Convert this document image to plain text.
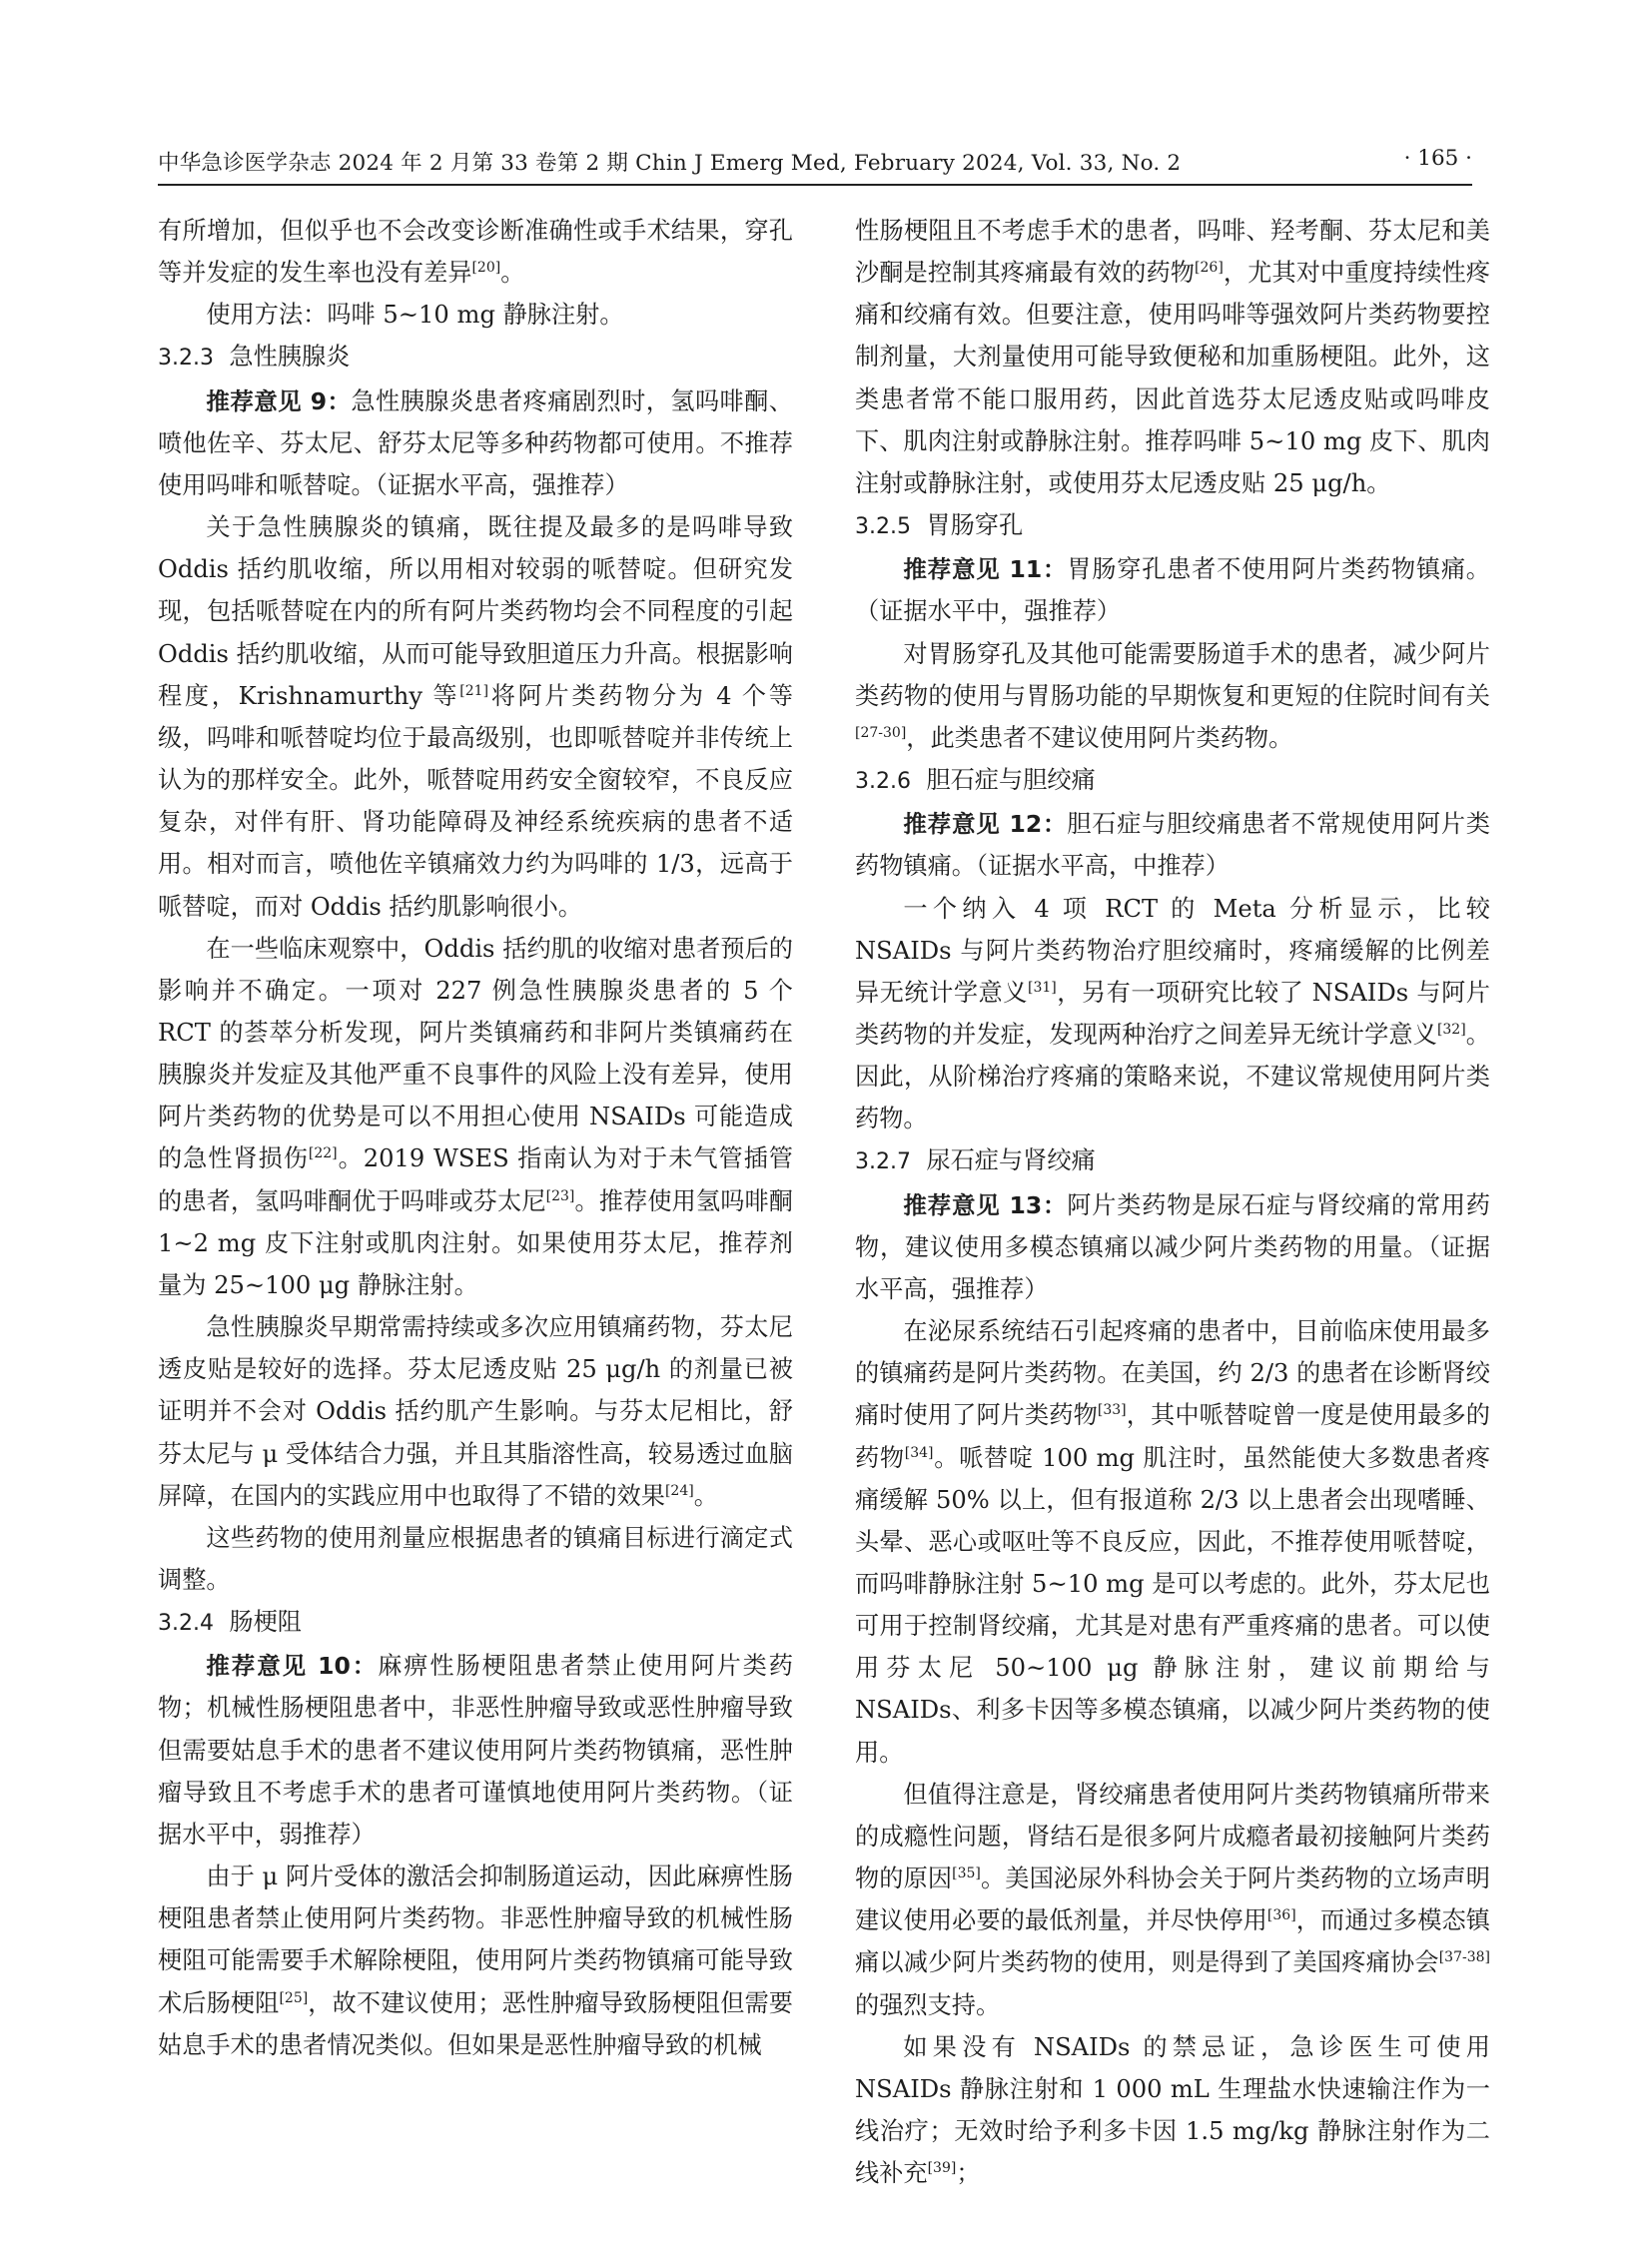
中华急诊医学杂志 2024 年 2 月第 33 卷第 2 期 Chin J Emerg Med, February 2024, Vol. 33, No. 2	· 165 ·

有所增加，但似乎也不会改变诊断准确性或手术结果，穿孔等并发症的发生率也没有差异[20]。

使用方法：吗啡 5~10 mg 静脉注射。

3.2.3 急性胰腺炎

推荐意见 9：急性胰腺炎患者疼痛剧烈时，氢吗啡酮、喷他佐辛、芬太尼、舒芬太尼等多种药物都可使用。不推荐使用吗啡和哌替啶。（证据水平高，强推荐）

关于急性胰腺炎的镇痛，既往提及最多的是吗啡导致 Oddis 括约肌收缩，所以用相对较弱的哌替啶。但研究发现，包括哌替啶在内的所有阿片类药物均会不同程度的引起 Oddis 括约肌收缩，从而可能导致胆道压力升高。根据影响程度，Krishnamurthy 等[21]将阿片类药物分为 4 个等级，吗啡和哌替啶均位于最高级别，也即哌替啶并非传统上认为的那样安全。此外，哌替啶用药安全窗较窄，不良反应复杂，对伴有肝、肾功能障碍及神经系统疾病的患者不适用。相对而言，喷他佐辛镇痛效力约为吗啡的 1/3，远高于哌替啶，而对 Oddis 括约肌影响很小。

在一些临床观察中，Oddis 括约肌的收缩对患者预后的影响并不确定。一项对 227 例急性胰腺炎患者的 5 个 RCT 的荟萃分析发现，阿片类镇痛药和非阿片类镇痛药在胰腺炎并发症及其他严重不良事件的风险上没有差异，使用阿片类药物的优势是可以不用担心使用 NSAIDs 可能造成的急性肾损伤[22]。2019 WSES 指南认为对于未气管插管的患者，氢吗啡酮优于吗啡或芬太尼[23]。推荐使用氢吗啡酮 1~2 mg 皮下注射或肌肉注射。如果使用芬太尼，推荐剂量为 25~100 μg 静脉注射。

急性胰腺炎早期常需持续或多次应用镇痛药物，芬太尼透皮贴是较好的选择。芬太尼透皮贴 25 μg/h 的剂量已被证明并不会对 Oddis 括约肌产生影响。与芬太尼相比，舒芬太尼与 μ 受体结合力强，并且其脂溶性高，较易透过血脑屏障，在国内的实践应用中也取得了不错的效果[24]。

这些药物的使用剂量应根据患者的镇痛目标进行滴定式调整。

3.2.4 肠梗阻

推荐意见 10：麻痹性肠梗阻患者禁止使用阿片类药物；机械性肠梗阻患者中，非恶性肿瘤导致或恶性肿瘤导致但需要姑息手术的患者不建议使用阿片类药物镇痛，恶性肿瘤导致且不考虑手术的患者可谨慎地使用阿片类药物。（证据水平中，弱推荐）

由于 μ 阿片受体的激活会抑制肠道运动，因此麻痹性肠梗阻患者禁止使用阿片类药物。非恶性肿瘤导致的机械性肠梗阻可能需要手术解除梗阻，使用阿片类药物镇痛可能导致术后肠梗阻[25]，故不建议使用；恶性肿瘤导致肠梗阻但需要姑息手术的患者情况类似。但如果是恶性肿瘤导致的机械

性肠梗阻且不考虑手术的患者，吗啡、羟考酮、芬太尼和美沙酮是控制其疼痛最有效的药物[26]，尤其对中重度持续性疼痛和绞痛有效。但要注意，使用吗啡等强效阿片类药物要控制剂量，大剂量使用可能导致便秘和加重肠梗阻。此外，这类患者常不能口服用药，因此首选芬太尼透皮贴或吗啡皮下、肌肉注射或静脉注射。推荐吗啡 5~10 mg 皮下、肌肉注射或静脉注射，或使用芬太尼透皮贴 25 μg/h。

3.2.5 胃肠穿孔

推荐意见 11：胃肠穿孔患者不使用阿片类药物镇痛。（证据水平中，强推荐）

对胃肠穿孔及其他可能需要肠道手术的患者，减少阿片类药物的使用与胃肠功能的早期恢复和更短的住院时间有关[27-30]，此类患者不建议使用阿片类药物。

3.2.6 胆石症与胆绞痛

推荐意见 12：胆石症与胆绞痛患者不常规使用阿片类药物镇痛。（证据水平高，中推荐）

一个纳入 4 项 RCT 的 Meta 分析显示，比较 NSAIDs 与阿片类药物治疗胆绞痛时，疼痛缓解的比例差异无统计学意义[31]，另有一项研究比较了 NSAIDs 与阿片类药物的并发症，发现两种治疗之间差异无统计学意义[32]。因此，从阶梯治疗疼痛的策略来说，不建议常规使用阿片类药物。

3.2.7 尿石症与肾绞痛

推荐意见 13：阿片类药物是尿石症与肾绞痛的常用药物，建议使用多模态镇痛以减少阿片类药物的用量。（证据水平高，强推荐）

在泌尿系统结石引起疼痛的患者中，目前临床使用最多的镇痛药是阿片类药物。在美国，约 2/3 的患者在诊断肾绞痛时使用了阿片类药物[33]，其中哌替啶曾一度是使用最多的药物[34]。哌替啶 100 mg 肌注时，虽然能使大多数患者疼痛缓解 50% 以上，但有报道称 2/3 以上患者会出现嗜睡、头晕、恶心或呕吐等不良反应，因此，不推荐使用哌替啶，而吗啡静脉注射 5~10 mg 是可以考虑的。此外，芬太尼也可用于控制肾绞痛，尤其是对患有严重疼痛的患者。可以使用芬太尼 50~100 μg 静脉注射，建议前期给与 NSAIDs、利多卡因等多模态镇痛，以减少阿片类药物的使用。

但值得注意是，肾绞痛患者使用阿片类药物镇痛所带来的成瘾性问题，肾结石是很多阿片成瘾者最初接触阿片类药物的原因[35]。美国泌尿外科协会关于阿片类药物的立场声明建议使用必要的最低剂量，并尽快停用[36]，而通过多模态镇痛以减少阿片类药物的使用，则是得到了美国疼痛协会[37-38]的强烈支持。

如果没有 NSAIDs 的禁忌证，急诊医生可使用 NSAIDs 静脉注射和 1 000 mL 生理盐水快速输注作为一线治疗；无效时给予利多卡因 1.5 mg/kg 静脉注射作为二线补充[39]；
